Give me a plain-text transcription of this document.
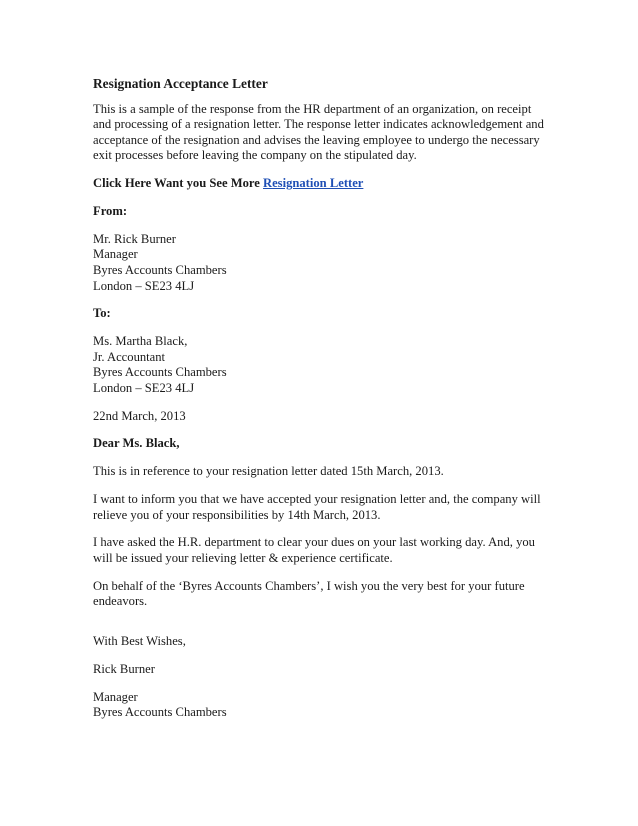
Resignation Acceptance Letter

This is a sample of the response from the HR department of an organization, on receipt
and processing of a resignation letter. The response letter indicates acknowledgement and
acceptance of the resignation and advises the leaving employee to undergo the necessary
exit processes before leaving the company on the stipulated day.

Click Here Want you See More Resignation Letter

From:

Mr. Rick Burner
Manager
Byres Accounts Chambers
London – SE23 4LJ

To:

Ms. Martha Black,
Jr. Accountant
Byres Accounts Chambers
London – SE23 4LJ

22nd March, 2013

Dear Ms. Black,

This is in reference to your resignation letter dated 15th March, 2013.

I want to inform you that we have accepted your resignation letter and, the company will
relieve you of your responsibilities by 14th March, 2013.

I have asked the H.R. department to clear your dues on your last working day. And, you
will be issued your relieving letter & experience certificate.

On behalf of the ‘Byres Accounts Chambers’, I wish you the very best for your future
endeavors.

With Best Wishes,

Rick Burner

Manager
Byres Accounts Chambers
